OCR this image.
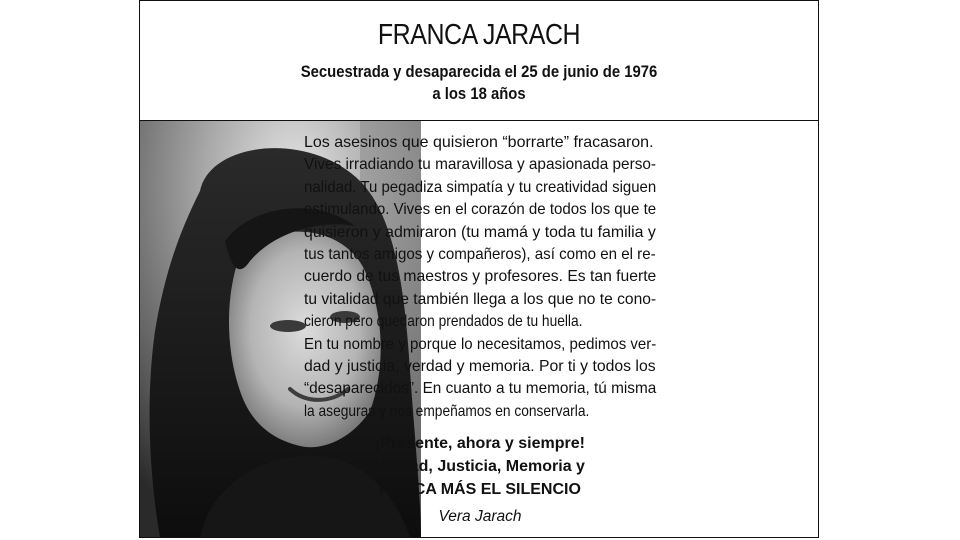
FRANCA JARACH
Secuestrada y desaparecida el 25 de junio de 1976
a los 18 años
Los asesinos que quisieron “borrarte” fracasaron.
Vives irradiando tu maravillosa y apasionada perso-
nalidad. Tu pegadiza simpatía y tu creatividad siguen
estimulando. Vives en el corazón de todos los que te
quisieron y admiraron (tu mamá y toda tu familia y
tus tantos amigos y compañeros), así como en el re-
cuerdo de tus maestros y profesores. Es tan fuerte
tu vitalidad que también llega a los que no te cono-
cieron pero quedaron prendados de tu huella.
En tu nombre y porque lo necesitamos, pedimos ver-
dad y justicia, verdad y memoria. Por ti y todos los
“desaparecidos”. En cuanto a tu memoria, tú misma
la aseguras y nos empeñamos en conservarla.
¡Presente, ahora y siempre!
Verdad, Justicia, Memoria y
NUNCA MÁS EL SILENCIO
Vera Jarach
